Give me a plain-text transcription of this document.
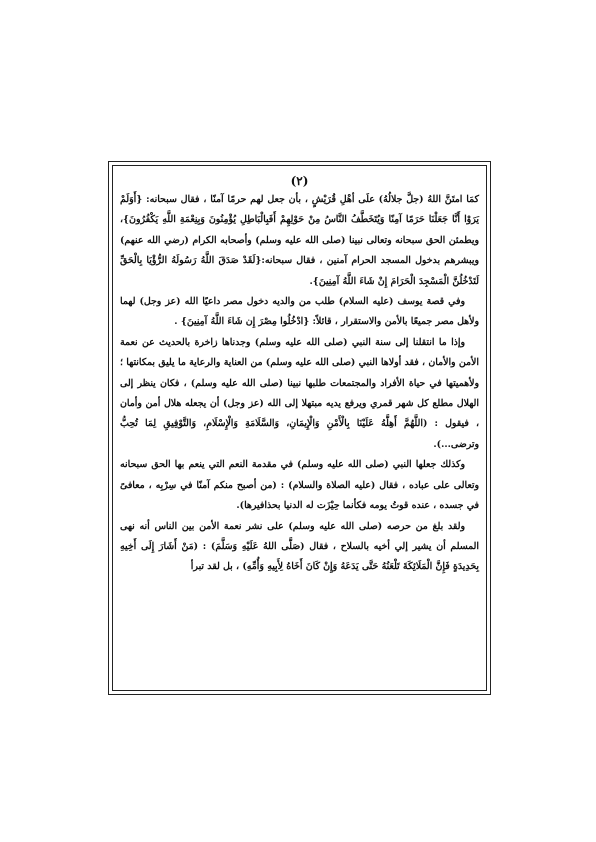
(٢)

كمَا امتَنَّ اللهُ (جلَّ جلالُهُ) علَى أهْلِ قُرَيْشٍ ، بأن جعل لهم حرمًا آمنًا ، فقال سبحانه: {أَوَلَمْ يَرَوْا أَنَّا جَعَلْنَا حَرَمًا آمِنًا وَيُتَخَطَّفُ النَّاسُ مِنْ حَوْلِهِمْ أَفَبِالْبَاطِلِ يُؤْمِنُونَ وَبِنِعْمَةِ اللَّهِ يَكْفُرُونَ}، ويطمئن الحق سبحانه وتعالى نبينا (صلى الله عليه وسلم) وأصحابه الكرام (رضي الله عنهم) ويبشرهم بدخول المسجد الحرام آمنين ، فقال سبحانه:{لَقَدْ صَدَقَ اللَّهُ رَسُولَهُ الرُّؤْيَا بِالْحَقِّ لَتَدْخُلُنَّ الْمَسْجِدَ الْحَرَامَ إِنْ شَاءَ اللَّهُ آمِنِينَ}.

وفي قصة يوسف (عليه السلام) طلب من والديه دخول مصر داعيًا الله (عز وجل) لهما ولأهل مصر جميعًا بالأمن والاستقرار ، قائلاً: {ادْخُلُوا مِصْرَ إِن شَاءَ اللَّهُ آمِنِينَ} .

وإذا ما انتقلنا إلى سنة النبي (صلى الله عليه وسلم) وجدناها زاخرة بالحديث عن نعمة الأمن والأمان ، فقد أولاها النبي (صلى الله عليه وسلم) من العناية والرعاية ما يليق بمكانتها ؛ ولأهميتها في حياة الأفراد والمجتمعات طلبها نبينا (صلى الله عليه وسلم) ، فكان ينظر إلى الهلال مطلع كل شهر قمري ويرفع يديه مبتهلا إلى الله (عز وجل) أن يجعله هلال أمن وأمان ، فيقول : (اللَّهُمَّ أَهِلَّهُ عَلَيْنَا بِالْأَمْنِ وَالْإِيمَانِ، وَالسَّلَامَةِ وَالْإِسْلَامِ، وَالتَّوْفِيقِ لِمَا تُحِبُّ وترضى...).

وكذلك جعلها النبي (صلى الله عليه وسلم) في مقدمة النعم التي ينعم بها الحق سبحانه وتعالى على عباده ، فقال (عليه الصلاة والسلام) : (من أصبح منكم آمنًا في سِرْبِه ، معافىً في جسده ، عنده قوتُ يومه فكأنما حِيْزَت له الدنيا بحذافيرها).

ولقد بلغ من حرصه (صلى الله عليه وسلم) على نشر نعمة الأمن بين الناس أنه نهى المسلم أن يشير إلي أخيه بالسلاح ، فقال (صَلَّى اللهُ عَلَيْهِ وَسَلَّمَ) : (مَنْ أَشَارَ إِلَى أَخِيهِ بِحَدِيدَةٍ فَإِنَّ الْمَلَائِكَةَ تَلْعَنُهُ حَتَّى يَدَعَهُ وَإِنْ كَانَ أَخَاهُ لِأَبِيهِ وَأُمِّهِ) ، بل لقد تبرأ
